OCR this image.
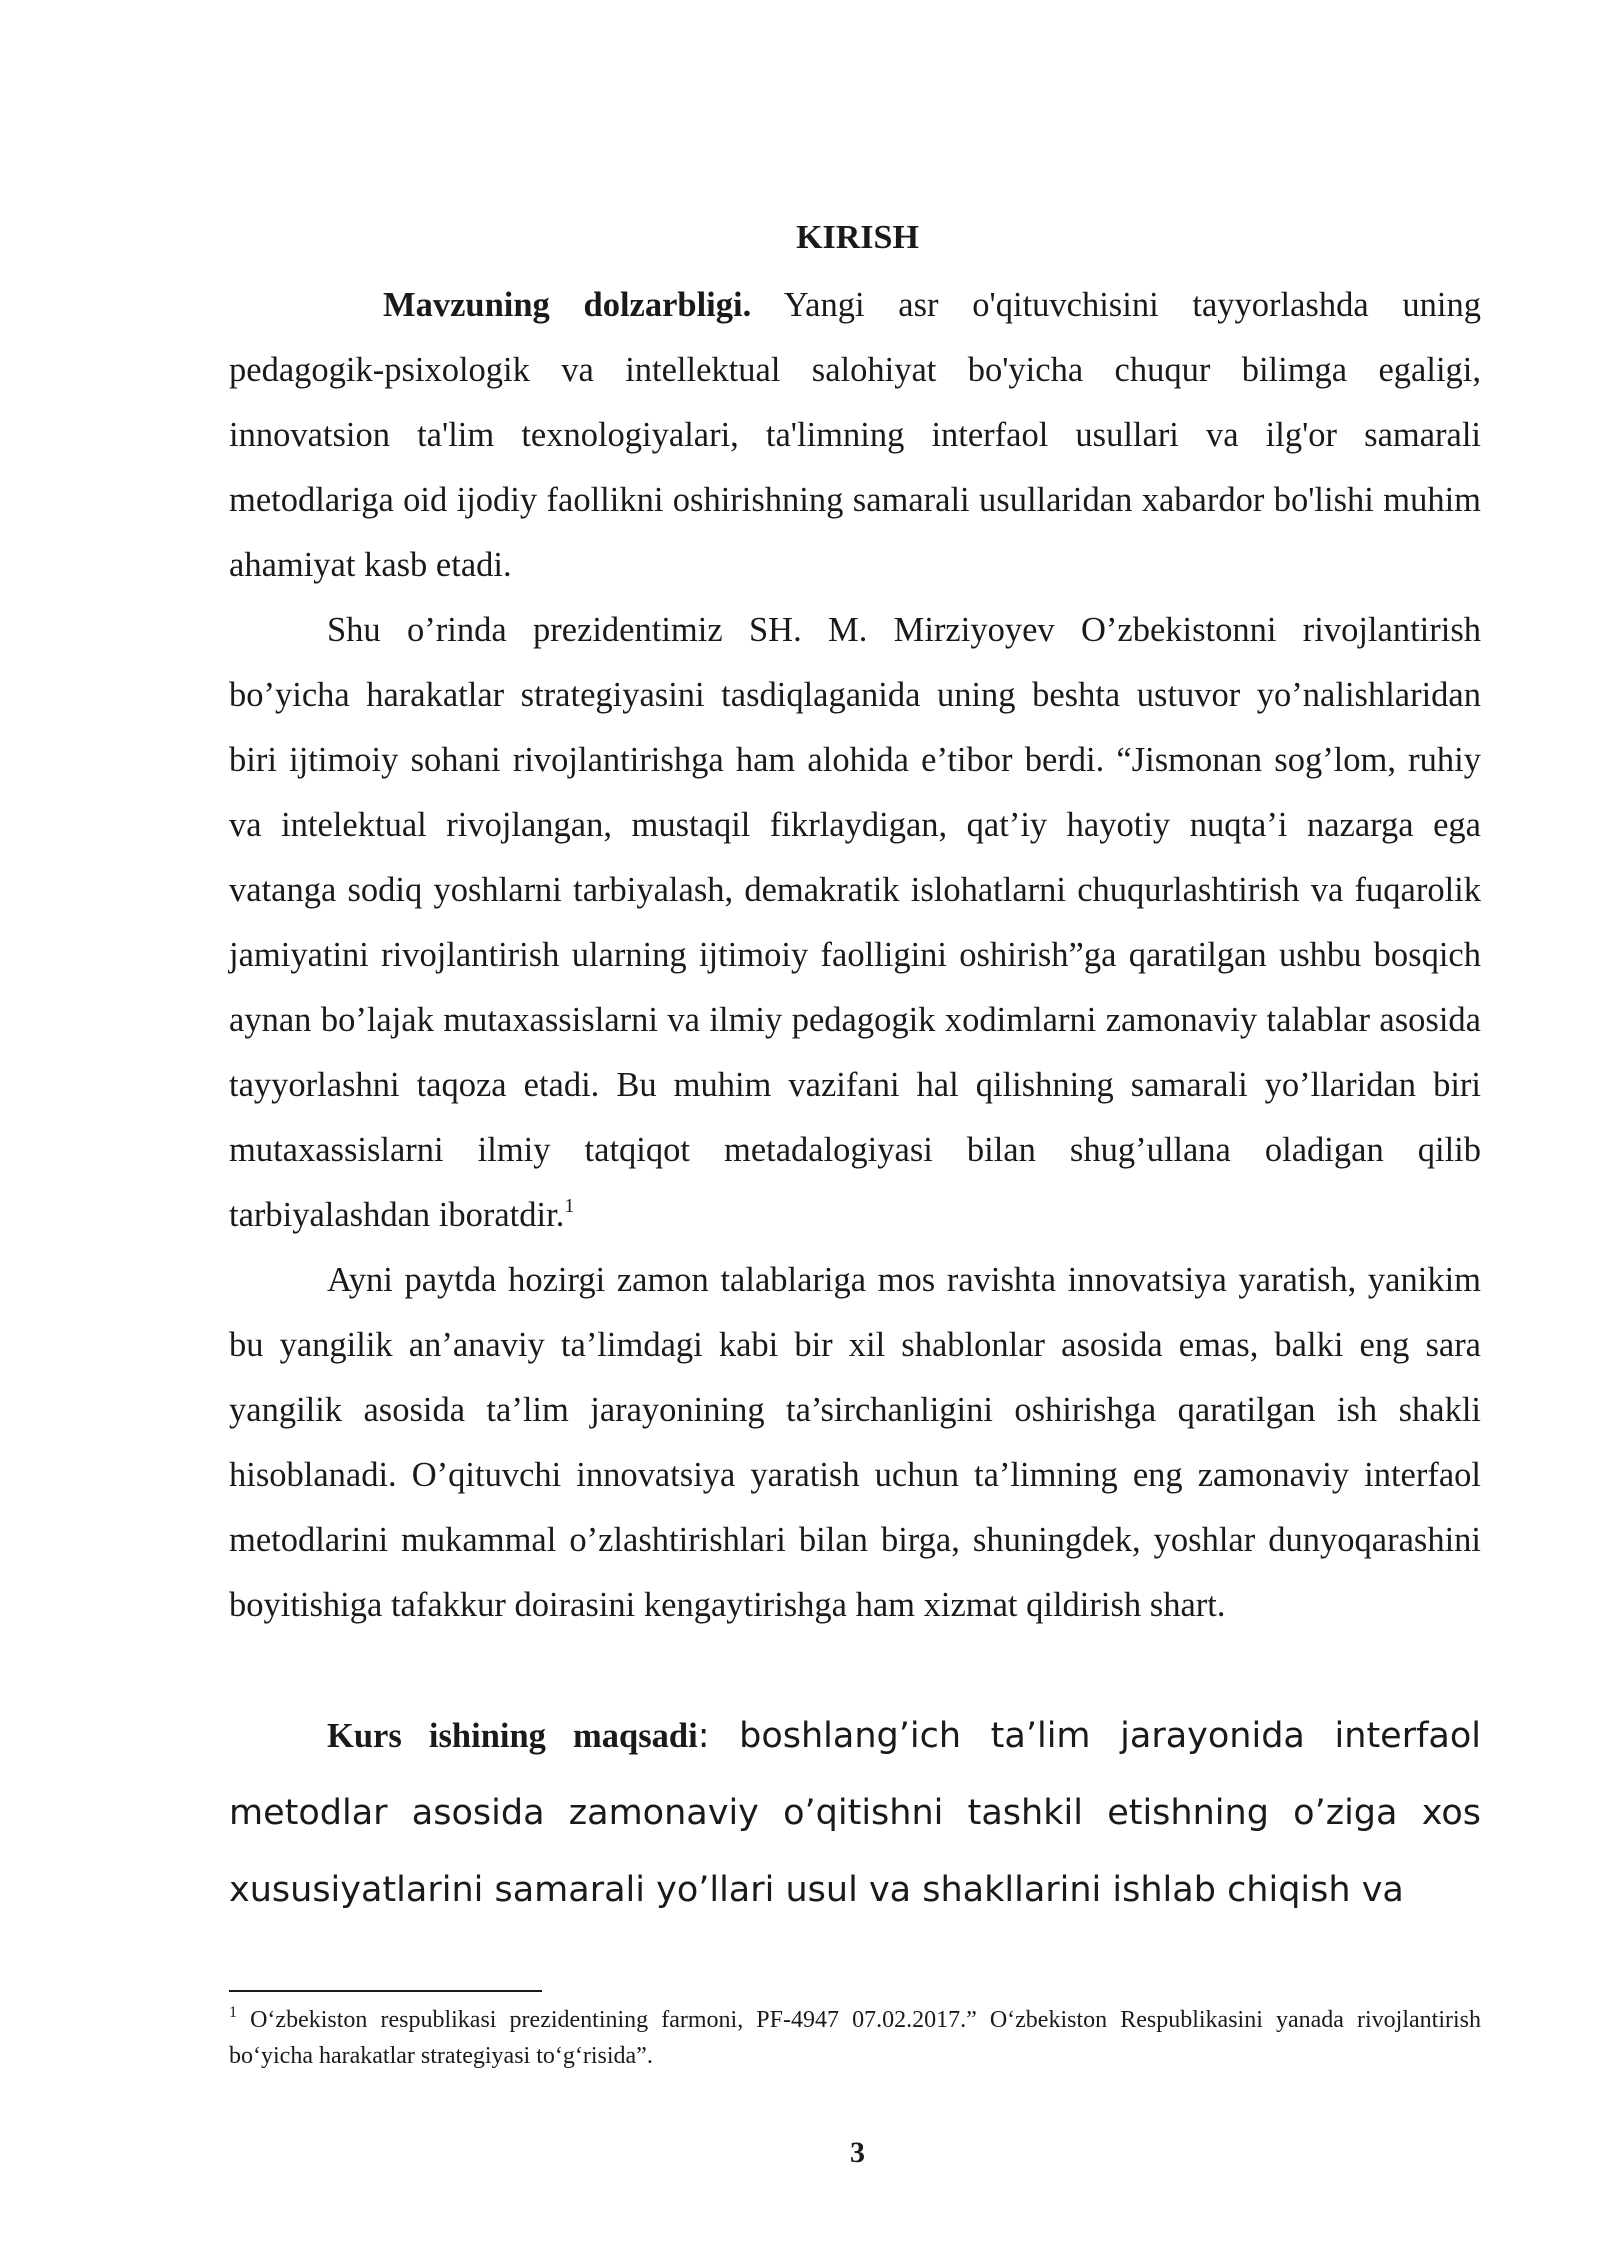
KIRISH

Mavzuning dolzarbligi. Yangi asr o'qituvchisini tayyorlashda uning pedagogik-psixologik va intellektual salohiyat bo'yicha chuqur bilimga egaligi, innovatsion ta'lim texnologiyalari, ta'limning interfaol usullari va ilg'or samarali metodlariga oid ijodiy faollikni oshirishning samarali usullaridan xabardor bo'lishi muhim ahamiyat kasb etadi.

Shu o’rinda prezidentimiz SH. M. Mirziyoyev O’zbekistonni rivojlantirish bo’yicha harakatlar strategiyasini tasdiqlaganida uning beshta ustuvor yo’nalishlaridan biri ijtimoiy sohani rivojlantirishga ham alohida e’tibor berdi. “Jismonan sog’lom, ruhiy va intelektual rivojlangan, mustaqil fikrlaydigan, qat’iy hayotiy nuqta’i nazarga ega vatanga sodiq yoshlarni tarbiyalash, demakratik islohatlarni chuqurlashtirish va fuqarolik jamiyatini rivojlantirish ularning ijtimoiy faolligini oshirish”ga qaratilgan ushbu bosqich aynan bo’lajak mutaxassislarni va ilmiy pedagogik xodimlarni zamonaviy talablar asosida tayyorlashni taqoza etadi. Bu muhim vazifani hal qilishning samarali yo’llaridan biri mutaxassislarni ilmiy tatqiqot metadalogiyasi bilan shug’ullana oladigan qilib tarbiyalashdan iboratdir.$^1$

Ayni paytda hozirgi zamon talablariga mos ravishta innovatsiya yaratish, yanikim bu yangilik an’anaviy ta’limdagi kabi bir xil shablonlar asosida emas, balki eng sara yangilik asosida ta’lim jarayonining ta’sirchanligini oshirishga qaratilgan ish shakli hisoblanadi. O’qituvchi innovatsiya yaratish uchun ta’limning eng zamonaviy interfaol metodlarini mukammal o’zlashtirishlari bilan birga, shuningdek, yoshlar dunyoqarashini boyitishiga tafakkur doirasini kengaytirishga ham xizmat qildirish shart.

Kurs ishining maqsadi: boshlang’ich ta’lim jarayonida interfaol metodlar asosida zamonaviy o’qitishni tashkil etishning o’ziga xos xususiyatlarini samarali yo’llari usul va shakllarini ishlab chiqish va

$^1$ O‘zbekiston respublikasi prezidentining farmoni, PF-4947 07.02.2017.” O‘zbekiston Respublikasini yanada rivojlantirish bo‘yicha harakatlar strategiyasi to‘g‘risida”.

3
